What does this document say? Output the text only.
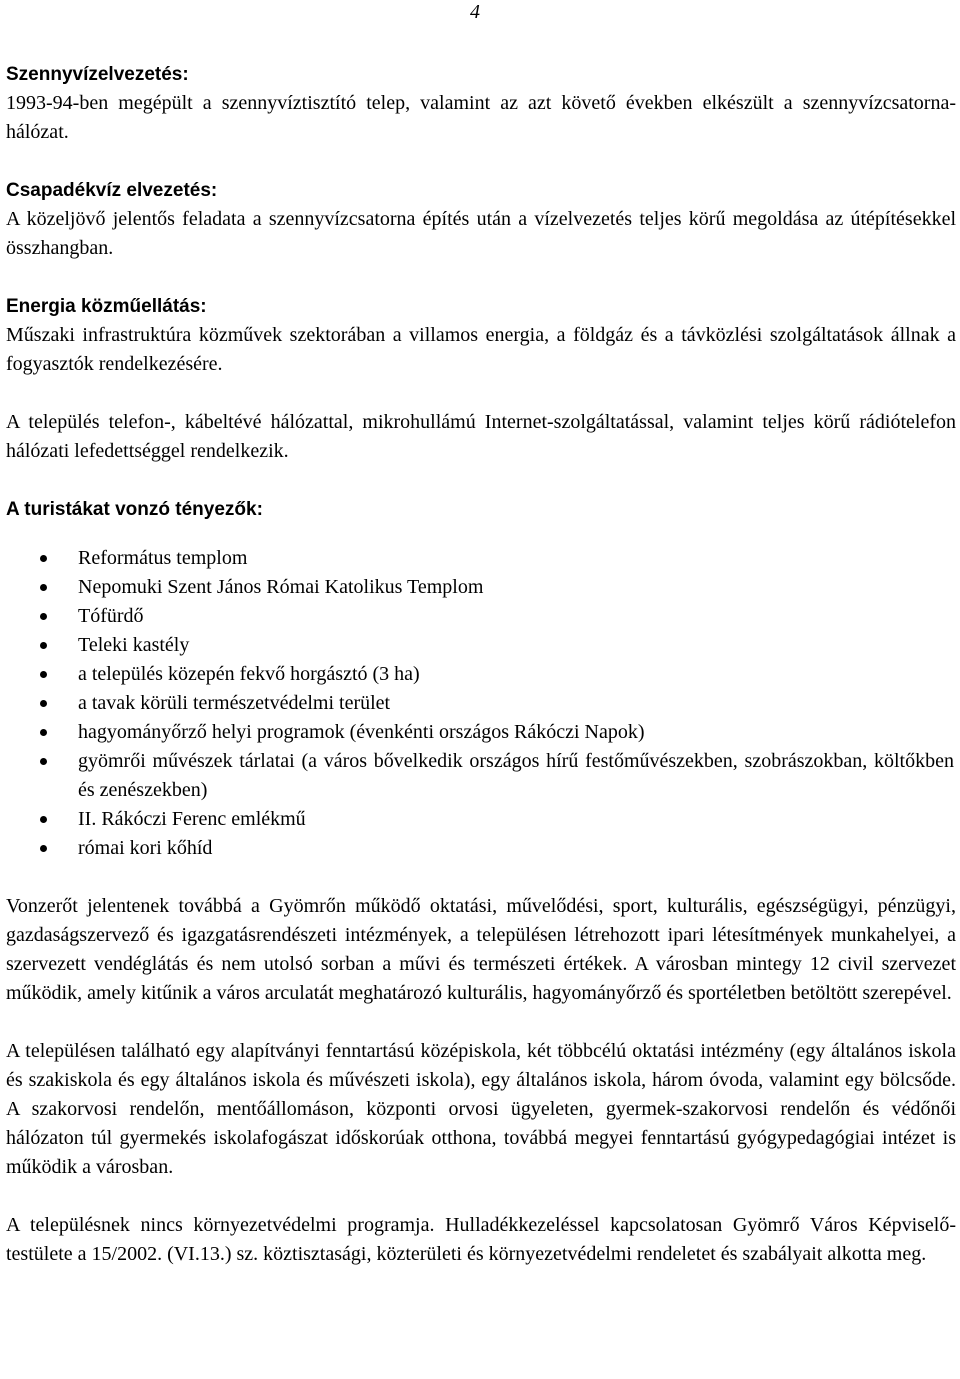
4
Szennyvízelvezetés:
1993-94-ben megépült a szennyvíztisztító telep, valamint az azt követő években elkészült a szennyvízcsatorna-hálózat.
Csapadékvíz elvezetés:
A közeljövő jelentős feladata a szennyvízcsatorna építés után a vízelvezetés teljes körű megoldása az útépítésekkel összhangban.
Energia közműellátás:
Műszaki infrastruktúra közművek szektorában a villamos energia, a földgáz és a távközlési szolgáltatások állnak a fogyasztók rendelkezésére.
A település telefon-, kábeltévé hálózattal, mikrohullámú Internet-szolgáltatással, valamint teljes körű rádiótelefon hálózati lefedettséggel rendelkezik.
A turistákat vonzó tényezők:
Református templom
Nepomuki Szent János Római Katolikus Templom
Tófürdő
Teleki kastély
a település közepén fekvő horgásztó (3 ha)
a tavak körüli természetvédelmi terület
hagyományőrző helyi programok (évenkénti országos Rákóczi Napok)
gyömrői művészek tárlatai (a város bővelkedik országos hírű festőművészekben, szobrászokban, költőkben és zenészekben)
II. Rákóczi Ferenc emlékmű
római kori kőhíd
Vonzerőt jelentenek továbbá a Gyömrőn működő oktatási, művelődési, sport, kulturális, egészségügyi, pénzügyi, gazdaságszervező és igazgatásrendészeti intézmények, a településen létrehozott ipari létesítmények munkahelyei, a szervezett vendéglátás és nem utolsó sorban a művi és természeti értékek. A városban mintegy 12 civil szervezet működik, amely kitűnik a város arculatát meghatározó kulturális, hagyományőrző és sportéletben betöltött szerepével.
A településen található egy alapítványi fenntartású középiskola, két többcélú oktatási intézmény (egy általános iskola és szakiskola és egy általános iskola és művészeti iskola), egy általános iskola, három óvoda, valamint egy bölcsőde. A szakorvosi rendelőn, mentőállomáson, központi orvosi ügyeleten, gyermek-szakorvosi rendelőn és védőnői hálózaton túl gyermekés iskolafogászat időskorúak otthona, továbbá megyei fenntartású gyógypedagógiai intézet is működik a városban.
A településnek nincs környezetvédelmi programja. Hulladékkezeléssel kapcsolatosan Gyömrő Város Képviselő-testülete a 15/2002. (VI.13.) sz. köztisztasági, közterületi és környezetvédelmi rendeletet és szabályait alkotta meg.
